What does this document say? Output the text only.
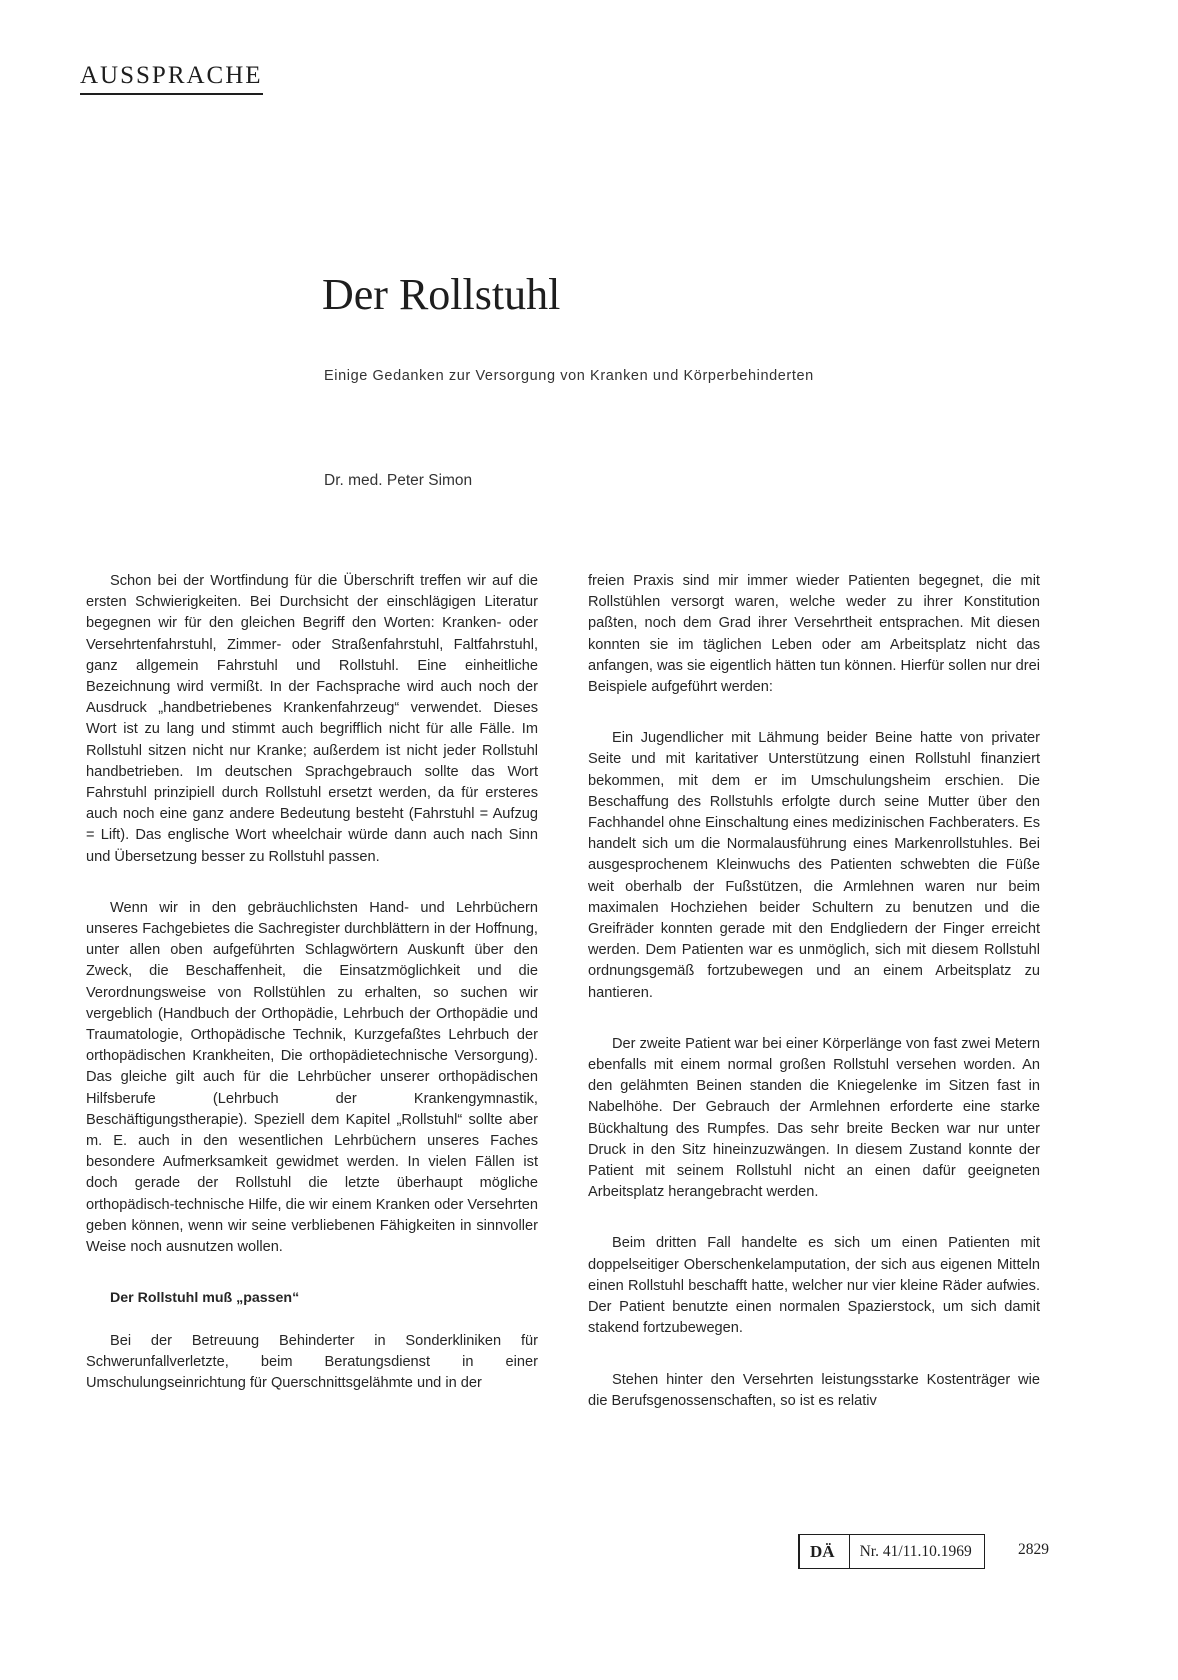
AUSSPRACHE
Der Rollstuhl
Einige Gedanken zur Versorgung von Kranken und Körperbehinderten
Dr. med. Peter Simon

Schon bei der Wortfindung für die Überschrift treffen wir auf die ersten Schwierigkeiten. Bei Durchsicht der einschlägigen Literatur begegnen wir für den gleichen Begriff den Worten: Kranken- oder Versehrtenfahrstuhl, Zimmer- oder Straßenfahrstuhl, Faltfahrstuhl, ganz allgemein Fahrstuhl und Rollstuhl. Eine einheitliche Bezeichnung wird vermißt. In der Fachsprache wird auch noch der Ausdruck „handbetriebenes Krankenfahrzeug“ verwendet. Dieses Wort ist zu lang und stimmt auch begrifflich nicht für alle Fälle. Im Rollstuhl sitzen nicht nur Kranke; außerdem ist nicht jeder Rollstuhl handbetrieben. Im deutschen Sprachgebrauch sollte das Wort Fahrstuhl prinzipiell durch Rollstuhl ersetzt werden, da für ersteres auch noch eine ganz andere Bedeutung besteht (Fahrstuhl = Aufzug = Lift). Das englische Wort wheelchair würde dann auch nach Sinn und Übersetzung besser zu Rollstuhl passen.

Wenn wir in den gebräuchlichsten Hand- und Lehrbüchern unseres Fachgebietes die Sachregister durchblättern in der Hoffnung, unter allen oben aufgeführten Schlagwörtern Auskunft über den Zweck, die Beschaffenheit, die Einsatzmöglichkeit und die Verordnungsweise von Rollstühlen zu erhalten, so suchen wir vergeblich (Handbuch der Orthopädie, Lehrbuch der Orthopädie und Traumatologie, Orthopädische Technik, Kurzgefaßtes Lehrbuch der orthopädischen Krankheiten, Die orthopädietechnische Versorgung). Das gleiche gilt auch für die Lehrbücher unserer orthopädischen Hilfsberufe (Lehrbuch der Krankengymnastik, Beschäftigungstherapie). Speziell dem Kapitel „Rollstuhl“ sollte aber m. E. auch in den wesentlichen Lehrbüchern unseres Faches besondere Aufmerksamkeit gewidmet werden. In vielen Fällen ist doch gerade der Rollstuhl die letzte überhaupt mögliche orthopädisch-technische Hilfe, die wir einem Kranken oder Versehrten geben können, wenn wir seine verbliebenen Fähigkeiten in sinnvoller Weise noch ausnutzen wollen.

Der Rollstuhl muß „passen“

Bei der Betreuung Behinderter in Sonderkliniken für Schwerunfallverletzte, beim Beratungsdienst in einer Umschulungseinrichtung für Querschnittsgelähmte und in der

freien Praxis sind mir immer wieder Patienten begegnet, die mit Rollstühlen versorgt waren, welche weder zu ihrer Konstitution paßten, noch dem Grad ihrer Versehrtheit entsprachen. Mit diesen konnten sie im täglichen Leben oder am Arbeitsplatz nicht das anfangen, was sie eigentlich hätten tun können. Hierfür sollen nur drei Beispiele aufgeführt werden:

Ein Jugendlicher mit Lähmung beider Beine hatte von privater Seite und mit karitativer Unterstützung einen Rollstuhl finanziert bekommen, mit dem er im Umschulungsheim erschien. Die Beschaffung des Rollstuhls erfolgte durch seine Mutter über den Fachhandel ohne Einschaltung eines medizinischen Fachberaters. Es handelt sich um die Normalausführung eines Markenrollstuhles. Bei ausgesprochenem Kleinwuchs des Patienten schwebten die Füße weit oberhalb der Fußstützen, die Armlehnen waren nur beim maximalen Hochziehen beider Schultern zu benutzen und die Greifräder konnten gerade mit den Endgliedern der Finger erreicht werden. Dem Patienten war es unmöglich, sich mit diesem Rollstuhl ordnungsgemäß fortzubewegen und an einem Arbeitsplatz zu hantieren.

Der zweite Patient war bei einer Körperlänge von fast zwei Metern ebenfalls mit einem normal großen Rollstuhl versehen worden. An den gelähmten Beinen standen die Kniegelenke im Sitzen fast in Nabelhöhe. Der Gebrauch der Armlehnen erforderte eine starke Bückhaltung des Rumpfes. Das sehr breite Becken war nur unter Druck in den Sitz hineinzuzwängen. In diesem Zustand konnte der Patient mit seinem Rollstuhl nicht an einen dafür geeigneten Arbeitsplatz herangebracht werden.

Beim dritten Fall handelte es sich um einen Patienten mit doppelseitiger Oberschenkelamputation, der sich aus eigenen Mitteln einen Rollstuhl beschafft hatte, welcher nur vier kleine Räder aufwies. Der Patient benutzte einen normalen Spazierstock, um sich damit stakend fortzubewegen.

Stehen hinter den Versehrten leistungsstarke Kostenträger wie die Berufsgenossenschaften, so ist es relativ

DÄ	Nr. 41/11.10.1969	2829
